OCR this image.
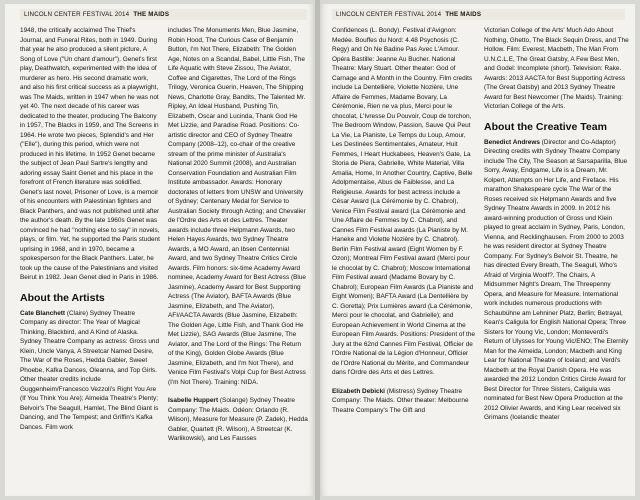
LINCOLN CENTER FESTIVAL 2014 THE MAIDS

1948, the critically acclaimed The Thief's Journal, and Funeral Rites, both in 1949. During that year he also produced a silent picture, A Song of Love ("Un chant d'amour"). Genet's first play, Deathwatch, experimented with the idea of murderer as hero. His second dramatic work, and also his first critical success as a playwright, was The Maids, written in 1947 when he was not yet 40. The next decade of his career was dedicated to the theater, producing The Balcony in 1957, The Blacks in 1959, and The Screens in 1964. He wrote two pieces, Splendid's and Her ("Elle"), during this period, which were not produced in his lifetime. In 1952 Genet became the subject of Jean Paul Sartre's lengthy and adoring essay Saint Genet and his place in the forefront of French literature was solidified. Genet's last novel, Prisoner of Love, is a memoir of his encounters with Palestinian fighters and Black Panthers, and was not published until after the author's death. By the late 1960s Genet was convinced he had "nothing else to say" in novels, plays, or film. Yet, he supported the Paris student uprising in 1968, and in 1970, became a spokesperson for the Black Panthers. Later, he took up the cause of the Palestinians and visited Beirut in 1982. Jean Genet died in Paris in 1986.

About the Artists

Cate Blanchett (Claire) Sydney Theatre Company as director: The Year of Magical Thinking, Blackbird, and A Kind of Alaska. Sydney Theatre Company as actress: Gross und Klein, Uncle Vanya, A Streetcar Named Desire, The War of the Roses, Hedda Gabler, Sweet Phoebe, Kafka Dances, Oleanna, and Top Girls. Other theater credits include Guggenheim/Francesco Vezzoli's Right You Are (If You Think You Are); Almeida Theatre's Plenty; Belvoir's The Seagull, Hamlet, The Blind Giant is Dancing, and The Tempest; and Griffin's Kafka Dances. Film work

includes The Monuments Men, Blue Jasmine, Robin Hood, The Curious Case of Benjamin Button, I'm Not There, Elizabeth: The Golden Age, Notes on a Scandal, Babel, Little Fish, The Life Aquatic with Steve Zissou, The Aviator, Coffee and Cigarettes, The Lord of the Rings Trilogy, Veronica Guerin, Heaven, The Shipping News, Charlotte Gray, Bandits, The Talented Mr. Ripley, An Ideal Husband, Pushing Tin, Elizabeth, Oscar and Lucinda, Thank God He Met Lizzie, and Paradise Road. Positions: Co-artistic director and CEO of Sydney Theatre Company (2008–12), co-chair of the creative stream of the prime minister of Australia's National 2020 Summit (2008), and Australian Conservation Foundation and Australian Film Institute ambassador. Awards: Honorary doctorates of letters from UNSW and University of Sydney; Centenary Medal for Service to Australian Society through Acting; and Chevalier de l'Ordre des Arts et des Lettres. Theater awards include three Helpmann Awards, two Helen Hayes Awards, two Sydney Theatre Awards, a MO Award, an Ibsen Centennial Award, and two Sydney Theatre Critics Circle Awards. Film honors: six-time Academy Award nominee, Academy Award for Best Actress (Blue Jasmine), Academy Award for Best Supporting Actress (The Aviator), BAFTA Awards (Blue Jasmine, Elizabeth, and The Aviator), AFI/AACTA Awards (Blue Jasmine, Elizabeth: The Golden Age, Little Fish, and Thank God He Met Lizzie), SAG Awards (Blue Jasmine, The Aviator, and The Lord of the Rings: The Return of the King), Golden Globe Awards (Blue Jasmine, Elizabeth, and I'm Not There), and Venice Film Festival's Volpi Cup for Best Actress (I'm Not There). Training: NIDA.

Isabelle Huppert (Solange) Sydney Theatre Company: The Maids. Odéon: Orlando (R. Wilson), Measure for Measure (P. Zadek), Hedda Gabler, Quartett (R. Wilson), A Streetcar (K. Warlikowski), and Les Fausses

LINCOLN CENTER FESTIVAL 2014 THE MAIDS

Confidences (L. Bondy). Festival d'Avignon: Medée. Bouffes du Nord: 4.48 Psychosis (C. Regy) and On Ne Badine Pas Avec L'Amour. Opéra Bastille: Jeanne Au Bucher. National Theatre: Mary Stuart. Other theater: God of Carnage and A Month in the Country. Film credits include La Dentellière, Violette Nozière, Une Affaire de Femmes, Madame Bovary, La Cérémonie, Rien ne va plus, Merci pour le chocolat, L'Ivresse Du Pouvoir, Coup de torchon, The Bedroom Window, Passion, Sauve Qui Peut La Vie, La Pianiste, Le Temps du Loup, Amour, Les Destinées Sentimentales, Amateur, Huit Femmes, I Heart Huckabees, Heaven's Gate, La Storia de Piera, Gabrielle, White Material, Villa Amalia, Home, In Another Country, Captive, Belle Adolpmentaise, Abus de Faiblesse, and La Religieuse. Awards for best actress include a César Award (La Cérémonie by C. Chabrol), Venice Film Festival award (La Cérémonie and Une Affaire de Femmes by C. Chabrol), and Cannes Film Festival awards (La Pianiste by M. Haneke and Violette Nozière by C. Chabrol). Berlin Film Festival award (Eight Women by F. Ozon); Montreal Film Festival award (Merci pour le chocolat by C. Chabrol); Moscow International Film Festival award (Madame Bovary by C. Chabrol); European Film Awards (La Pianiste and Eight Women); BAFTA Award (La Dentellière by C. Goretta); Prix Lumières award (La Cérémonie, Merci pour le chocolat, and Gabrielle); and European Achievement in World Cinema at the European Film Awards. Positions: President of the Jury at the 62nd Cannes Film Festival, Officier de l'Ordre National de la Légion d'Honneur, Officier de l'Ordre National du Mérite, and Commandeur dans l'Ordre des Arts et des Lettres.

Elizabeth Debicki (Mistress) Sydney Theatre Company: The Maids. Other theater: Melbourne Theatre Company's The Gift and

Victorian College of the Arts' Much Ado About Nothing, Ghetto, The Black Sequin Dress, and The Hollow. Film: Everest, Macbeth, The Man From U.N.C.L.E, The Great Gatsby, A Few Best Men, and Godel: Incomplete (short). Television: Rake. Awards: 2013 AACTA for Best Supporting Actress (The Great Gatsby) and 2013 Sydney Theatre Award for Best Newcomer (The Maids). Training: Victorian College of the Arts.

About the Creative Team

Benedict Andrews (Director and Co-Adaptor) Directing credits with Sydney Theatre Company include The City, The Season at Sarsaparilla, Blue Sorry, Away, Endgame, Life is a Dream, Mr. Kolpert, Attempts on Her Life, and Fireface. His marathon Shakespeare cycle The War of the Roses received six Helpmann Awards and five Sydney Theatre Awards in 2009. In 2012 his award-winning production of Gross und Klein played to great acclaim in Sydney, Paris, London, Vienna, and Recklinghausen. From 2000 to 2003 he was resident director at Sydney Theatre Company. For Sydney's Belvoir St. Theatre, he has directed Every Breath, The Seagull, Who's Afraid of Virginia Woolf?, The Chairs, A Midsummer Night's Dream, The Threepenny Opera, and Measure for Measure. International work includes numerous productions with Schaubühne am Lehniner Platz, Berlin; Betrayal, Kean's Caligula for English National Opera; Three Sisters for Young Vic, London; Monteverdi's Return of Ulysses for Young Vic/ENO; The Eternity Man for the Almeida, London; Macbeth and King Lear for National Theatre of Iceland; and Verdi's Macbeth at the Royal Danish Opera. He was awarded the 2012 London Critics Circle Award for Best Director for Three Sisters, Caligula was nominated for Best New Opera Production at the 2012 Olivier Awards, and King Lear received six Grimans (Icelandic theater
